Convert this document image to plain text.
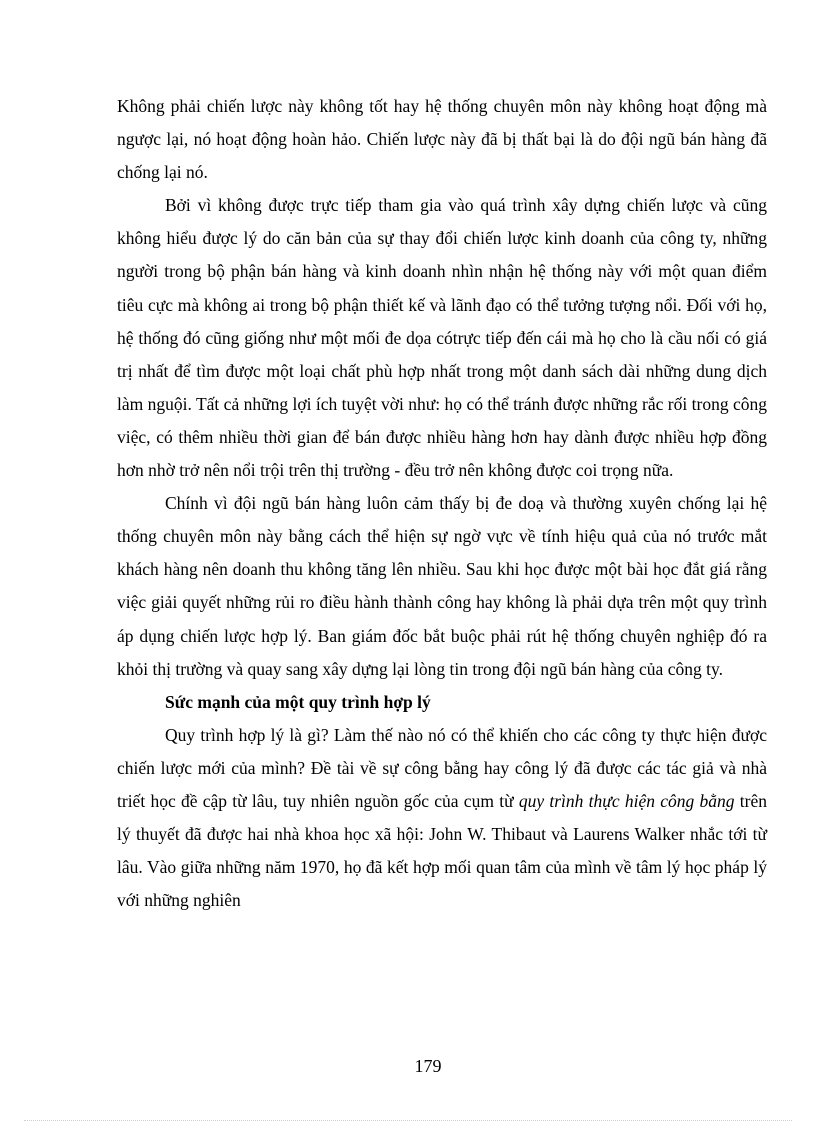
Không phải chiến lược này không tốt hay hệ thống chuyên môn này không hoạt động mà ngược lại, nó hoạt động hoàn hảo. Chiến lược này đã bị thất bại là do đội ngũ bán hàng đã chống lại nó.

Bởi vì không được trực tiếp tham gia vào quá trình xây dựng chiến lược và cũng không hiểu được lý do căn bản của sự thay đổi chiến lược kinh doanh của công ty, những người trong bộ phận bán hàng và kinh doanh nhìn nhận hệ thống này với một quan điểm tiêu cực mà không ai trong bộ phận thiết kế và lãnh đạo có thể tưởng tượng nổi. Đối với họ, hệ thống đó cũng giống như một mối đe dọa cótrực tiếp đến cái mà họ cho là cầu nối có giá trị nhất để tìm được một loại chất phù hợp nhất trong một danh sách dài những dung dịch làm nguội. Tất cả những lợi ích tuyệt vời như: họ có thể tránh được những rắc rối trong công việc, có thêm nhiều thời gian để bán được nhiều hàng hơn hay dành được nhiều hợp đồng hơn nhờ trở nên nổi trội trên thị trường - đều trở nên không được coi trọng nữa.

Chính vì đội ngũ bán hàng luôn cảm thấy bị đe doạ và thường xuyên chống lại hệ thống chuyên môn này bằng cách thể hiện sự ngờ vực về tính hiệu quả của nó trước mắt khách hàng nên doanh thu không tăng lên nhiều. Sau khi học được một bài học đắt giá rằng việc giải quyết những rủi ro điều hành thành công hay không là phải dựa trên một quy trình áp dụng chiến lược hợp lý. Ban giám đốc bắt buộc phải rút hệ thống chuyên nghiệp đó ra khỏi thị trường và quay sang xây dựng lại lòng tin trong đội ngũ bán hàng của công ty.

Sức mạnh của một quy trình hợp lý

Quy trình hợp lý là gì? Làm thế nào nó có thể khiến cho các công ty thực hiện được chiến lược mới của mình? Đề tài về sự công bằng hay công lý đã được các tác giả và nhà triết học đề cập từ lâu, tuy nhiên nguồn gốc của cụm từ quy trình thực hiện công bằng trên lý thuyết đã được hai nhà khoa học xã hội: John W. Thibaut và Laurens Walker nhắc tới từ lâu. Vào giữa những năm 1970, họ đã kết hợp mối quan tâm của mình về tâm lý học pháp lý với những nghiên

179
